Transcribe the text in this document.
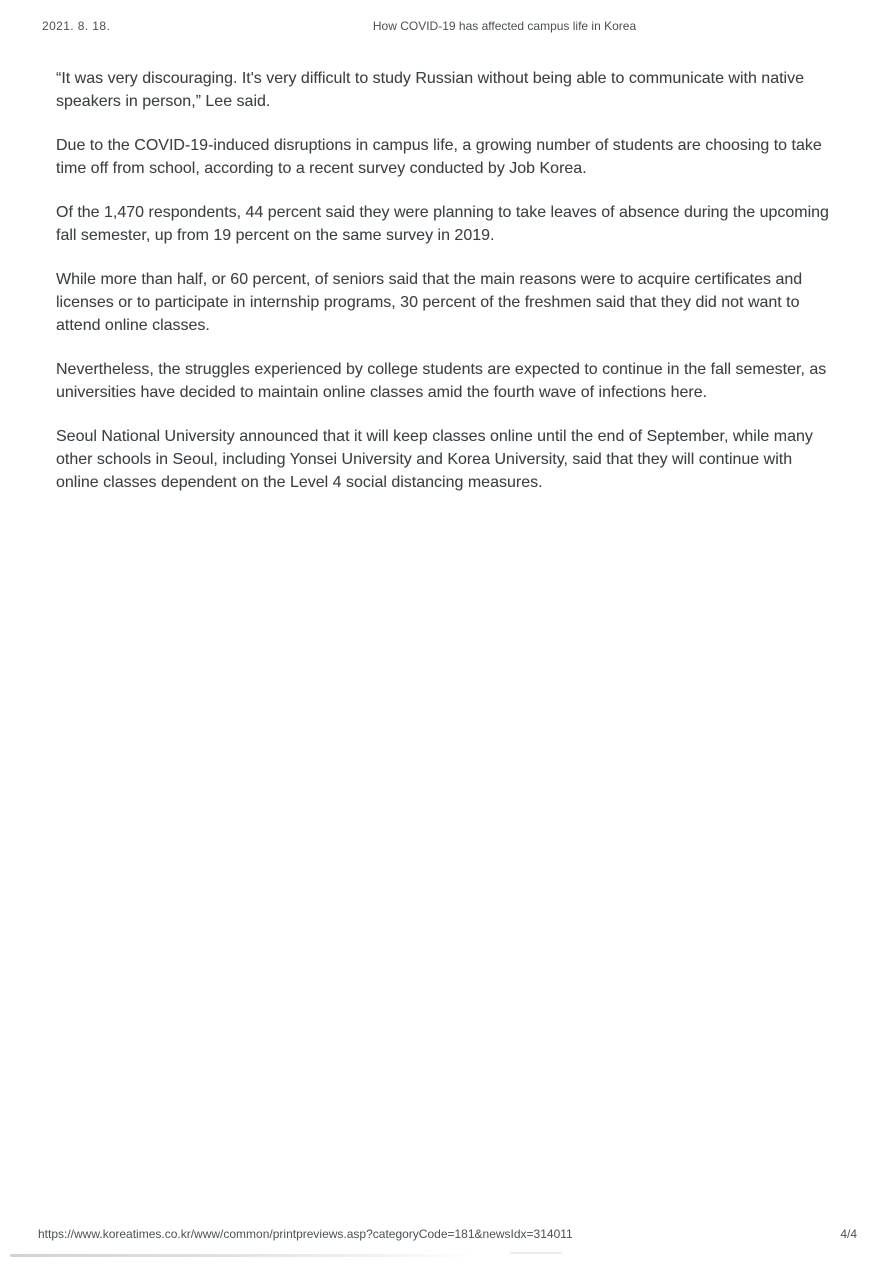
2021. 8. 18.	How COVID-19 has affected campus life in Korea

“It was very discouraging. It's very difficult to study Russian without being able to communicate with native speakers in person,” Lee said.

Due to the COVID-19-induced disruptions in campus life, a growing number of students are choosing to take time off from school, according to a recent survey conducted by Job Korea.

Of the 1,470 respondents, 44 percent said they were planning to take leaves of absence during the upcoming fall semester, up from 19 percent on the same survey in 2019.

While more than half, or 60 percent, of seniors said that the main reasons were to acquire certificates and licenses or to participate in internship programs, 30 percent of the freshmen said that they did not want to attend online classes.

Nevertheless, the struggles experienced by college students are expected to continue in the fall semester, as universities have decided to maintain online classes amid the fourth wave of infections here.

Seoul National University announced that it will keep classes online until the end of September, while many other schools in Seoul, including Yonsei University and Korea University, said that they will continue with online classes dependent on the Level 4 social distancing measures.

https://www.koreatimes.co.kr/www/common/printpreviews.asp?categoryCode=181&newsIdx=314011	4/4
